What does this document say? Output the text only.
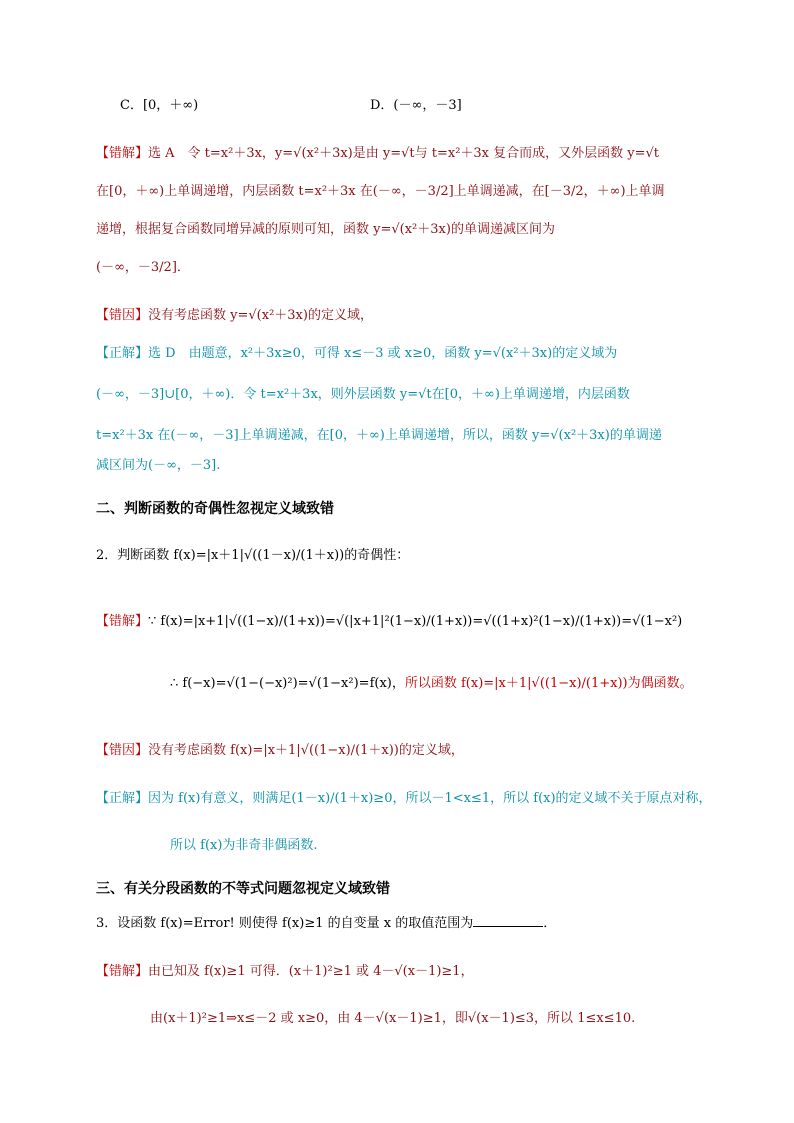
C．[0，＋∞)	D．(－∞，－3]
【错解】选 A　令 t=x²＋3x，y=√(x²＋3x)是由 y=√t与 t=x²＋3x 复合而成，又外层函数 y=√t
在[0，＋∞)上单调递增，内层函数 t=x²＋3x 在(－∞，－3/2]上单调递减，在[－3/2，＋∞)上单调
递增，根据复合函数同增异减的原则可知，函数 y=√(x²＋3x)的单调递减区间为
(－∞，－3/2]．
【错因】没有考虑函数 y=√(x²＋3x)的定义域，
【正解】选 D　由题意，x²＋3x≥0，可得 x≤－3 或 x≥0，函数 y=√(x²＋3x)的定义域为
(－∞，－3]∪[0，＋∞)．令 t=x²＋3x，则外层函数 y=√t在[0，＋∞)上单调递增，内层函数
t=x²＋3x 在(－∞，－3]上单调递减，在[0，＋∞)上单调递增，所以，函数 y=√(x²＋3x)的单调递
减区间为(－∞，－3].
二、判断函数的奇偶性忽视定义域致错
2．判断函数 f(x)=|x＋1|√((1－x)/(1＋x))的奇偶性：
【错解】∵ f(x)=|x+1|√((1−x)/(1+x))=√(|x+1|²(1−x)/(1+x))=√((1+x)²(1−x)/(1+x))=√(1−x²)
∴ f(−x)=√(1−(−x)²)=√(1−x²)=f(x)，所以函数 f(x)=|x＋1|√((1−x)/(1+x))为偶函数。
【错因】没有考虑函数 f(x)=|x＋1|√((1−x)/(1＋x))的定义域，
【正解】因为 f(x)有意义，则满足(1－x)/(1＋x)≥0，所以－1<x≤1，所以 f(x)的定义域不关于原点对称，
所以 f(x)为非奇非偶函数.
三、有关分段函数的不等式问题忽视定义域致错
3．设函数 f(x)=Error! 则使得 f(x)≥1 的自变量 x 的取值范围为	．
【错解】由已知及 f(x)≥1 可得．(x＋1)²≥1 或 4－√(x－1)≥1，
由(x＋1)²≥1⇒x≤－2 或 x≥0，由 4－√(x－1)≥1，即√(x－1)≤3，所以 1≤x≤10.
